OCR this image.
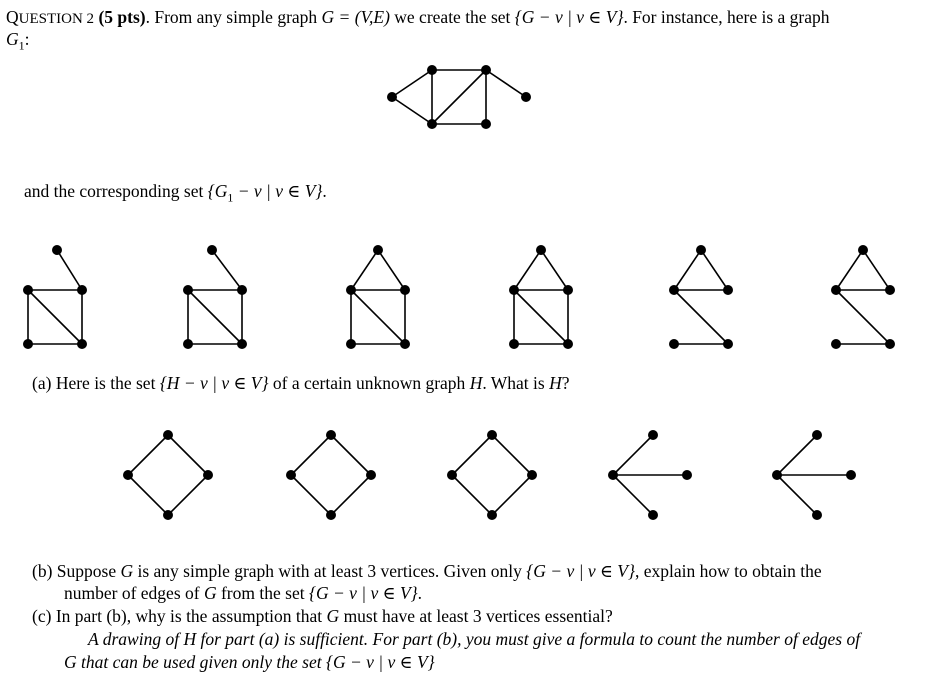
QUESTION 2 (5 pts). From any simple graph G = (V,E) we create the set {G − v | v ∈ V}. For instance, here is a graph
$G_1$:
and the corresponding set {$G_1 - v$ | v ∈ V}.
(a) Here is the set {H − v | v ∈ V} of a certain unknown graph H. What is H?
(b) Suppose G is any simple graph with at least 3 vertices. Given only {G − v | v ∈ V}, explain how to obtain the
number of edges of G from the set {G − v | v ∈ V}.
(c) In part (b), why is the assumption that G must have at least 3 vertices essential?
A drawing of H for part (a) is sufficient. For part (b), you must give a formula to count the number of edges of
G that can be used given only the set {G − v | v ∈ V}
